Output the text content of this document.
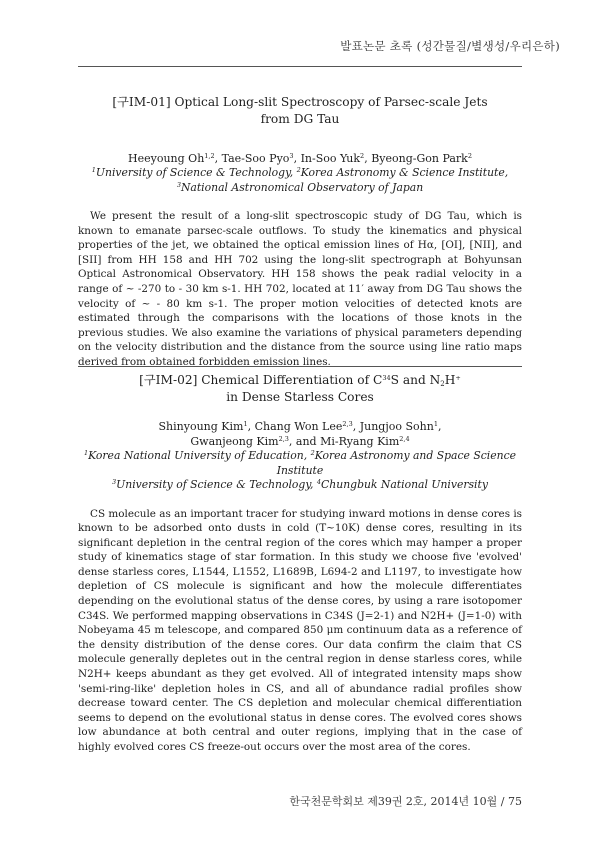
발표논문 초록 (성간물질/별생성/우리은하)
[구IM-01] Optical Long-slit Spectroscopy of Parsec-scale Jets
from DG Tau

Heeyoung Oh$^{1,2}$, Tae-Soo Pyo$^3$, In-Soo Yuk$^2$, Byeong-Gon Park$^2$

$^1$University of Science & Technology, $^2$Korea Astronomy & Science Institute,
$^3$National Astronomical Observatory of Japan

We present the result of a long-slit spectroscopic study of DG Tau, which is known to emanate parsec-scale outflows. To study the kinematics and physical properties of the jet, we obtained the optical emission lines of Hα, [OI], [NII], and [SII] from HH 158 and HH 702 using the long-slit spectrograph at Bohyunsan Optical Astronomical Observatory. HH 158 shows the peak radial velocity in a range of ~ -270 to - 30 km s-1. HH 702, located at 11′ away from DG Tau shows the velocity of ~ - 80 km s-1. The proper motion velocities of detected knots are estimated through the comparisons with the locations of those knots in the previous studies. We also examine the variations of physical parameters depending on the velocity distribution and the distance from the source using line ratio maps derived from obtained forbidden emission lines.

[구IM-02] Chemical Differentiation of $C^{34}S$ and $N_2H^+$
in Dense Starless Cores

Shinyoung Kim$^1$, Chang Won Lee$^{2,3}$, Jungjoo Sohn$^1$,
Gwanjeong Kim$^{2,3}$, and Mi-Ryang Kim$^{2,4}$

$^1$Korea National University of Education, $^2$Korea Astronomy and Space Science Institute
$^3$University of Science & Technology, $^4$Chungbuk National University

CS molecule as an important tracer for studying inward motions in dense cores is known to be adsorbed onto dusts in cold (T~10K) dense cores, resulting in its significant depletion in the central region of the cores which may hamper a proper study of kinematics stage of star formation. In this study we choose five 'evolved' dense starless cores, L1544, L1552, L1689B, L694-2 and L1197, to investigate how depletion of CS molecule is significant and how the molecule differentiates depending on the evolutional status of the dense cores, by using a rare isotopomer C34S. We performed mapping observations in C34S (J=2-1) and N2H+ (J=1-0) with Nobeyama 45 m telescope, and compared 850 μm continuum data as a reference of the density distribution of the dense cores. Our data confirm the claim that CS molecule generally depletes out in the central region in dense starless cores, while N2H+ keeps abundant as they get evolved. All of integrated intensity maps show 'semi-ring-like' depletion holes in CS, and all of abundance radial profiles show decrease toward center. The CS depletion and molecular chemical differentiation seems to depend on the evolutional status in dense cores. The evolved cores shows low abundance at both central and outer regions, implying that in the case of highly evolved cores CS freeze-out occurs over the most area of the cores.

한국천문학회보 제39권 2호, 2014년 10월 / 75
